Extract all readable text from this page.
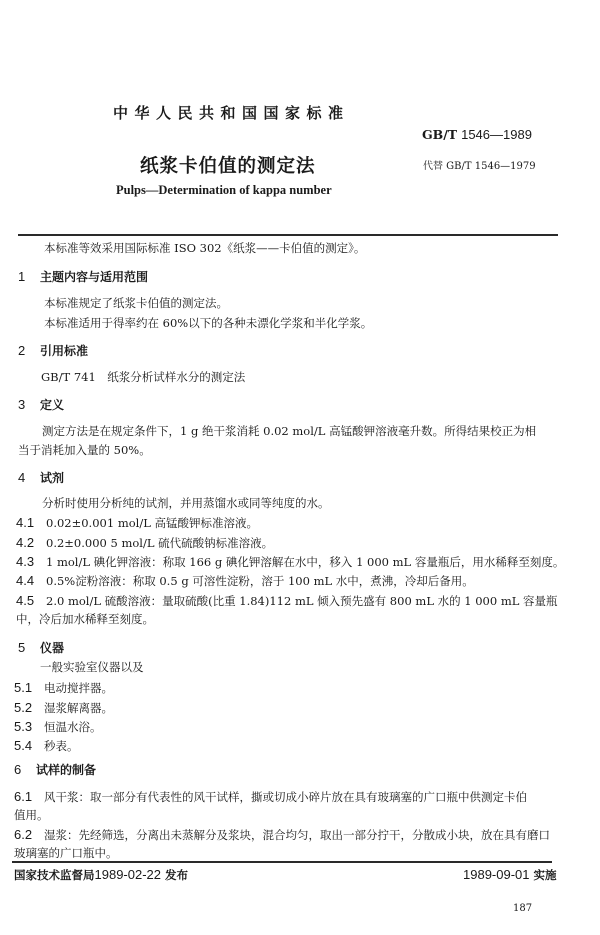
中华人民共和国国家标准
GB/T 1546—1989
纸浆卡伯值的测定法	代替 GB/T 1546—1979
Pulps—Determination of kappa number
本标准等效采用国际标准 ISO 302《纸浆——卡伯值的测定》。
1 主题内容与适用范围
本标准规定了纸浆卡伯值的测定法。
本标准适用于得率约在 60%以下的各种未漂化学浆和半化学浆。
2 引用标准
GB/T 741　纸浆分析试样水分的测定法
3 定义
测定方法是在规定条件下，1 g 绝干浆消耗 0.02 mol/L 高锰酸钾溶液毫升数。所得结果校正为相
当于消耗加入量的 50%。
4 试剂
分析时使用分析纯的试剂，并用蒸馏水或同等纯度的水。
4.1 0.02±0.001 mol/L 高锰酸钾标准溶液。
4.2 0.2±0.000 5 mol/L 硫代硫酸钠标准溶液。
4.3 1 mol/L 碘化钾溶液：称取 166 g 碘化钾溶解在水中，移入 1 000 mL 容量瓶后，用水稀释至刻度。
4.4 0.5%淀粉溶液：称取 0.5 g 可溶性淀粉，溶于 100 mL 水中，煮沸，冷却后备用。
4.5 2.0 mol/L 硫酸溶液：量取硫酸(比重 1.84)112 mL 倾入预先盛有 800 mL 水的 1 000 mL 容量瓶
中，冷后加水稀释至刻度。
5 仪器
一般实验室仪器以及
5.1 电动搅拌器。
5.2 湿浆解离器。
5.3 恒温水浴。
5.4 秒表。
6 试样的制备
6.1 风干浆：取一部分有代表性的风干试样，撕或切成小碎片放在具有玻璃塞的广口瓶中供测定卡伯
值用。
6.2 湿浆：先经筛选，分离出未蒸解分及浆块，混合均匀，取出一部分拧干，分散成小块，放在具有磨口
玻璃塞的广口瓶中。
国家技术监督局1989-02-22 发布	1989-09-01 实施
187
